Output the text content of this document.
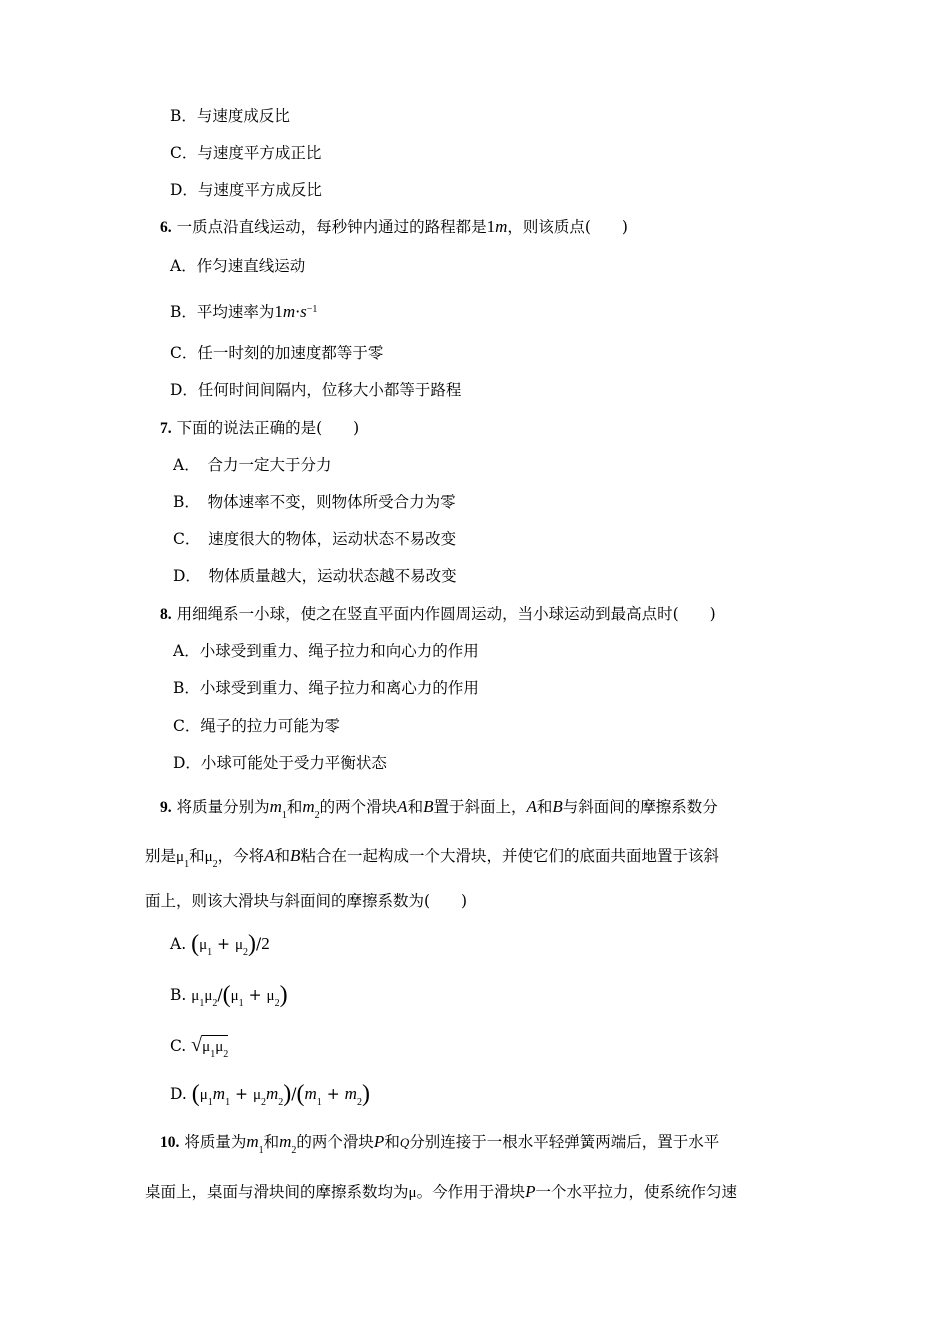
B．与速度成反比
C．与速度平方成正比
D．与速度平方成反比
6. 一质点沿直线运动，每秒钟内通过的路程都是1m，则该质点(　　)
A．作匀速直线运动
B．平均速率为$1m\cdot s^{-1}$
C．任一时刻的加速度都等于零
D．任何时间间隔内，位移大小都等于路程
7. 下面的说法正确的是(　　)
A．　合力一定大于分力
B．　物体速率不变，则物体所受合力为零
C．　速度很大的物体，运动状态不易改变
D．　物体质量越大，运动状态越不易改变
8. 用细绳系一小球，使之在竖直平面内作圆周运动，当小球运动到最高点时(　　)
A．小球受到重力、绳子拉力和向心力的作用
B．小球受到重力、绳子拉力和离心力的作用
C．绳子的拉力可能为零
D．小球可能处于受力平衡状态
9. 将质量分别为$m_1$和$m_2$的两个滑块A和B置于斜面上，A和B与斜面间的摩擦系数分
别是$\mu_1$和$\mu_2$，今将A和B粘合在一起构成一个大滑块，并使它们的底面共面地置于该斜
面上，则该大滑块与斜面间的摩擦系数为(　　)
A. $(\mu_1 + \mu_2)/2$
B. $\mu_1\mu_2/(\mu_1 + \mu_2)$
C. $√\mu_1\mu_2$
D. $(\mu_1m_1 + \mu_2m_2)/(m_1 + m_2)$
10. 将质量为$m_1$和$m_2$的两个滑块P和Q分别连接于一根水平轻弹簧两端后，置于水平
桌面上，桌面与滑块间的摩擦系数均为μ。今作用于滑块P一个水平拉力，使系统作匀速
